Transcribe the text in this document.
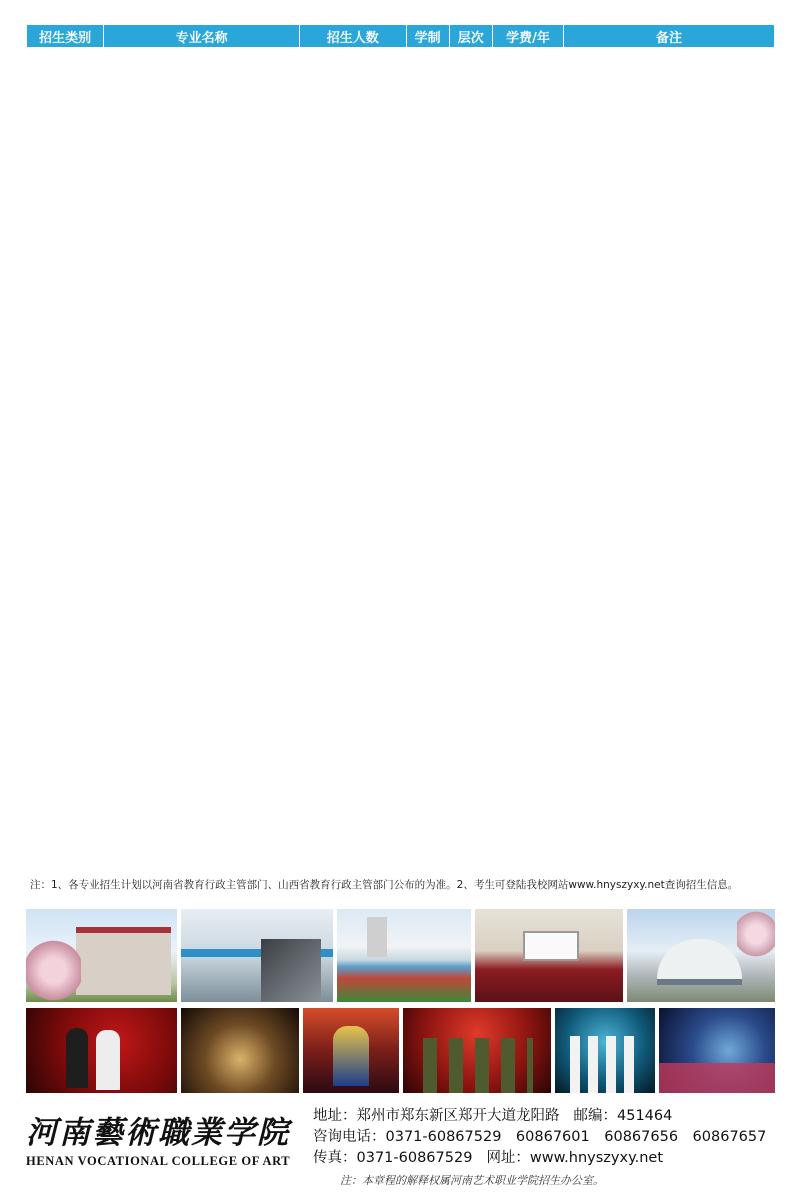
招生类别	专业名称	招生人数	学制	层次	学费/年	备注
注：1、各专业招生计划以河南省教育行政主管部门、山西省教育行政主管部门公布的为准。2、考生可登陆我校网站www.hnyszyxy.net查询招生信息。
河南藝術職業学院
HENAN VOCATIONAL COLLEGE OF ART
地址：郑州市郑东新区郑开大道龙阳路 邮编：451464
咨询电话：0371-60867529　60867601　60867656　60867657
传真：0371-60867529 网址：www.hnyszyxy.net
注：本章程的解释权属河南艺术职业学院招生办公室。
